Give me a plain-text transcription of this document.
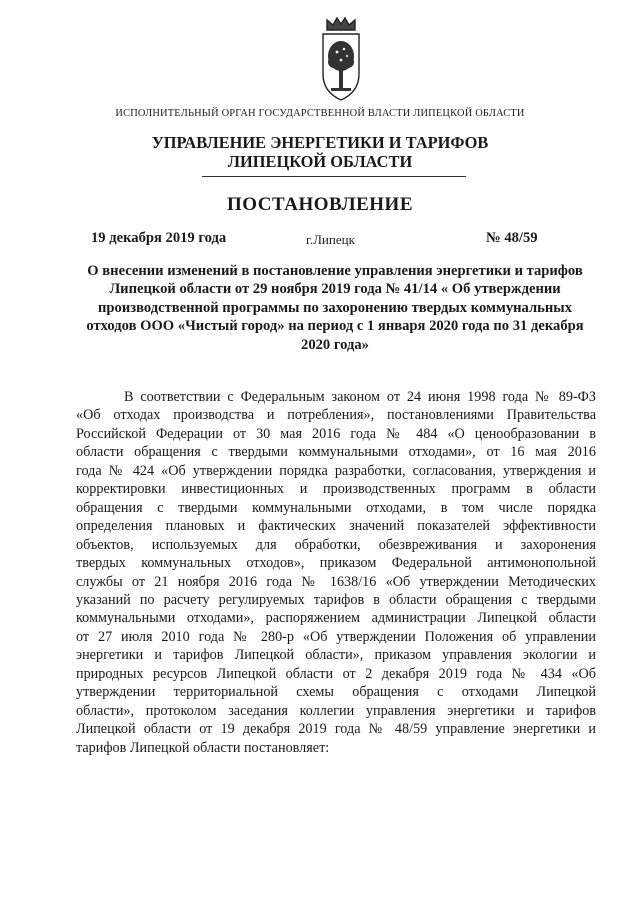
ИСПОЛНИТЕЛЬНЫЙ ОРГАН ГОСУДАРСТВЕННОЙ ВЛАСТИ ЛИПЕЦКОЙ ОБЛАСТИ
УПРАВЛЕНИЕ ЭНЕРГЕТИКИ И ТАРИФОВ
ЛИПЕЦКОЙ ОБЛАСТИ
ПОСТАНОВЛЕНИЕ
19 декабря 2019 года	г.Липецк	№ 48/59
О внесении изменений в постановление управления энергетики и тарифов
Липецкой области от 29 ноября 2019 года № 41/14 « Об утверждении
производственной программы по захоронению твердых коммунальных
отходов ООО «Чистый город» на период с 1 января 2020 года по 31 декабря
2020 года»
В соответствии с Федеральным законом от 24 июня 1998 года № 89-ФЗ
«Об отходах производства и потребления», постановлениями Правительства
Российской Федерации от 30 мая 2016 года № 484 «О ценообразовании в
области обращения с твердыми коммунальными отходами», от 16 мая 2016
года № 424 «Об утверждении порядка разработки, согласования, утверждения и
корректировки инвестиционных и производственных программ в области
обращения с твердыми коммунальными отходами, в том числе порядка
определения плановых и фактических значений показателей эффективности
объектов, используемых для обработки, обезвреживания и захоронения
твердых коммунальных отходов», приказом Федеральной антимонопольной
службы от 21 ноября 2016 года № 1638/16 «Об утверждении Методических
указаний по расчету регулируемых тарифов в области обращения с твердыми
коммунальными отходами», распоряжением администрации Липецкой области
от 27 июля 2010 года № 280-р «Об утверждении Положения об управлении
энергетики и тарифов Липецкой области», приказом управления экологии и
природных ресурсов Липецкой области от 2 декабря 2019 года № 434 «Об
утверждении территориальной схемы обращения с отходами Липецкой
области», протоколом заседания коллегии управления энергетики и тарифов
Липецкой области от 19 декабря 2019 года № 48/59 управление энергетики и
тарифов Липецкой области постановляет:
